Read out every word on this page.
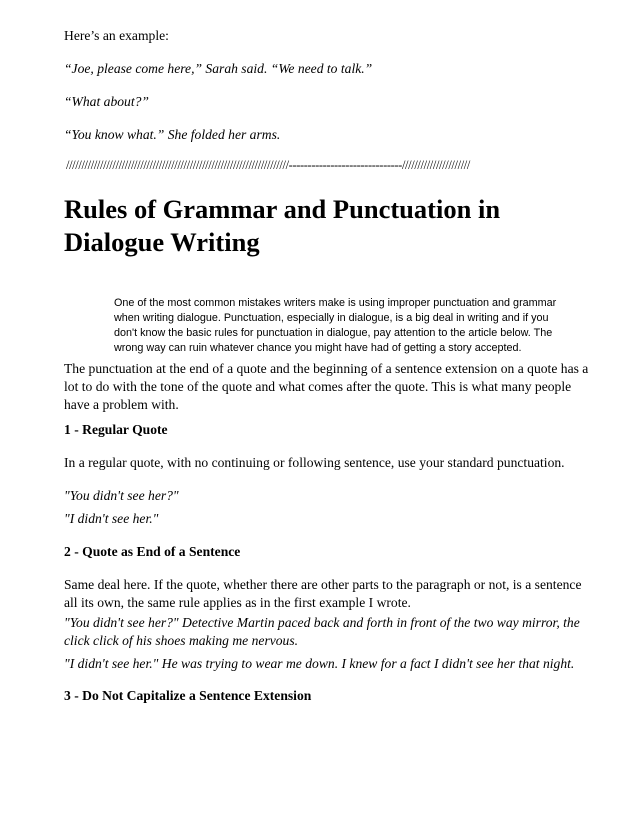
Here’s an example:

“Joe, please come here,” Sarah said. “We need to talk.”

“What about?”

“You know what.” She folded her arms.

////////////////////////////////////////////////////////////////////////------------------------------//////////////////////

Rules of Grammar and Punctuation in
Dialogue Writing
One of the most common mistakes writers make is using improper punctuation and grammar
when writing dialogue. Punctuation, especially in dialogue, is a big deal in writing and if you
don't know the basic rules for punctuation in dialogue, pay attention to the article below. The
wrong way can ruin whatever chance you might have had of getting a story accepted.
The punctuation at the end of a quote and the beginning of a sentence extension on a quote has a
lot to do with the tone of the quote and what comes after the quote. This is what many people
have a problem with.

1 - Regular Quote

In a regular quote, with no continuing or following sentence, use your standard punctuation.

"You didn't see her?"

"I didn't see her."

2 - Quote as End of a Sentence

Same deal here. If the quote, whether there are other parts to the paragraph or not, is a sentence
all its own, the same rule applies as in the first example I wrote.
"You didn't see her?" Detective Martin paced back and forth in front of the two way mirror, the
click click of his shoes making me nervous.

"I didn't see her." He was trying to wear me down. I knew for a fact I didn't see her that night.

3 - Do Not Capitalize a Sentence Extension
